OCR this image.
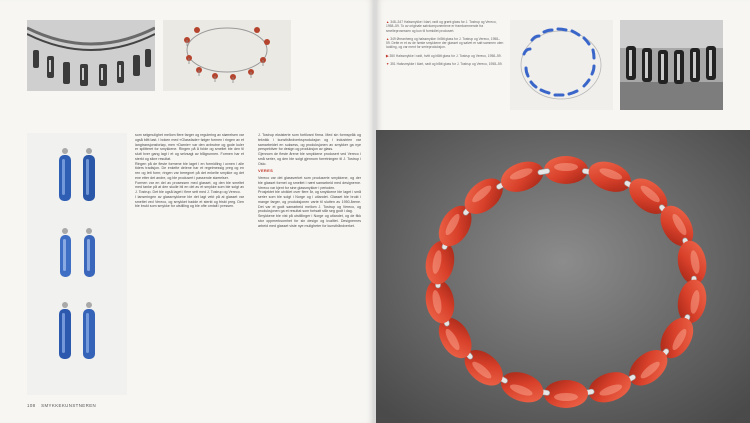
som selgmulighet mellom flere farger og regulering av størrelsen var også blitt løst. I boken med «Glassfade» følger formen i ringen av et langtransjonsforløp, men «Darnie» var den avbrutne og gode kuler er splitteret for smykkene. Ringen på å folde og smeltet ble den til slutt hver gang lagt i et og selvsagt av blågrunnen. Formen har et sterkt og sikre resultat.

Ringen på de fleste formene ble laget i en formidling i ovnen i alle tiders tradisjon. De enkelte delene har et regelmessig preg og en ren og lett form; ringen var beregnet på det enkelte smykke og det ene etter det andre, og ble produsert i passende størrelser.

Formen var en del av prosessen med glasset, og den ble smeltet med tanke på at den skulle bli en del av et smykke som ble solgt av J. Tostrup. Det ble også laget i flere sett med J. Tostrup og Vereco.

I lanseringen av glassmykkene ble det lagt vekt på at glasset var smeltet ved Vereco, og smykket hadde et sterkt og friskt preg. Den ble brukt som smykke for utstilling og ble ofte omtalt i pressen.

J. Tostrup eksisterte som fortilvant firma. Med sin formspråk og teknikk i kunsthåndverksproduksjon og i industrien var samarbeidet en suksess, og produksjonen av smykker ga nye perspektiver for design og produksjon av glass.

Gjennom de fleste årene ble smykkene produsert ved Vereco i små serier, og den ble solgt gjennom forretningen til J. Tostrup i Oslo.

VERES

Vereco var det glassverket som produserte smykkene, og der ble glasset formet og smeltet i nært samarbeid med designerne. Vereco var kjent for sine glassmykker i perioden.

Prosjektet ble utviklet over flere år, og smykkene ble laget i små serier som ble solgt i Norge og i utlandet. Glasset ble brukt i mange farger, og produksjonen varte til slutten av 1950-årene. Det var et godt samarbeid mellom J. Tostrup og Vereco, og produksjonen ga et resultat som fortsatt står seg godt i dag.

Smykkene ble vist på utstillinger i Norge og utlandet, og de fikk stor oppmerksomhet for sin design og kvalitet. Designernes arbeid med glasset viste nye muligheter for kunsthåndverket.

108 SMYKKEKUNSTNEREN

▲ 348–347 Halssmykke i klart, rødt og grønt glass for J. Tostrup og Vereco, 1958–59. To av originale sølvkomponentene er framkommende fra smelteprosessen og kun til formidlet produsert.

▲ 349 Øreanheng og halssmykke i blått glass for J. Tostrup og Vereco, 1958–59. Dette er et av de første smykkene der glasset og sølvet er satt sammen uten lodding, og var ment for serieproduksjon.

▶ 350 Halssmykke i rødt, hvitt og blått glass for J. Tostrup og Vereco, 1958–59.

▼ 351 Halssmykke i klart, rødt og blått glass for J. Tostrup og Vereco, 1958–59.
